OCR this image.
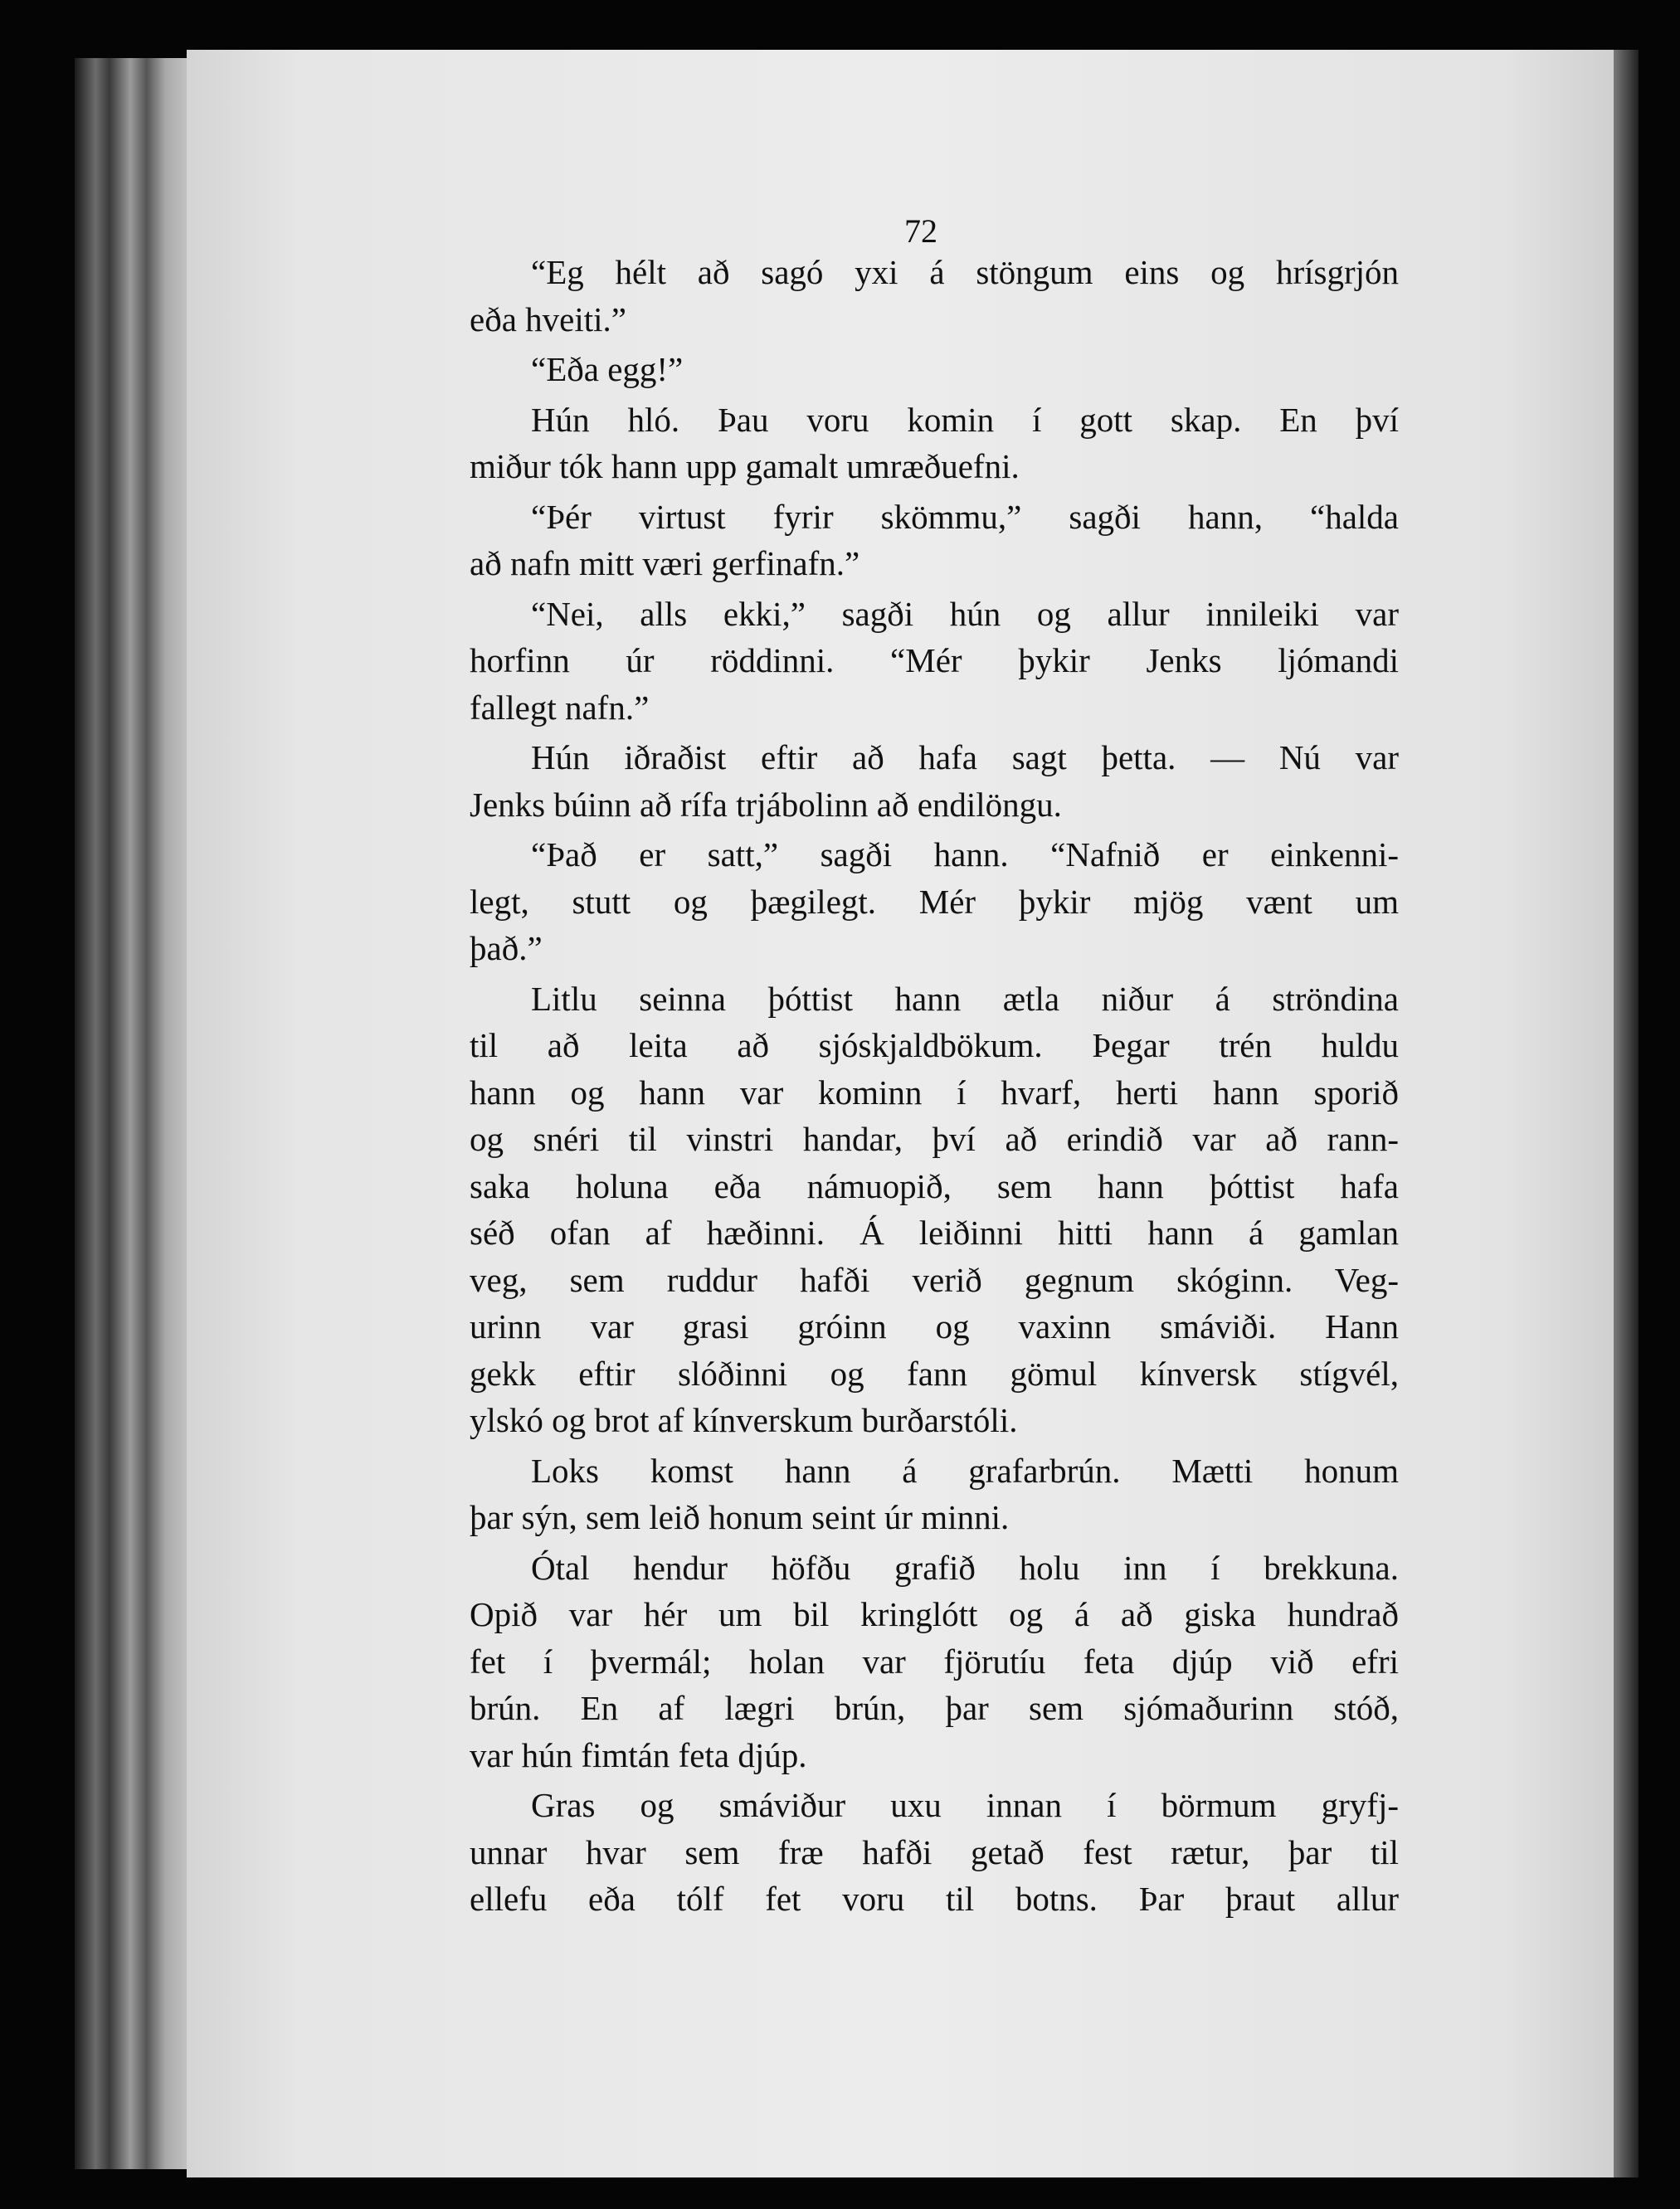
72
“Eg hélt að sagó yxi á stöngum eins og hrísgrjón
eða hveiti.”
“Eða egg!”
Hún hló. Þau voru komin í gott skap. En því
miður tók hann upp gamalt umræðuefni.
“Þér virtust fyrir skömmu,” sagði hann, “halda
að nafn mitt væri gerfinafn.”
“Nei, alls ekki,” sagði hún og allur innileiki var
horfinn úr röddinni. “Mér þykir Jenks ljómandi
fallegt nafn.”
Hún iðraðist eftir að hafa sagt þetta. — Nú var
Jenks búinn að rífa trjábolinn að endilöngu.
“Það er satt,” sagði hann. “Nafnið er einkenni-
legt, stutt og þægilegt. Mér þykir mjög vænt um
það.”
Litlu seinna þóttist hann ætla niður á ströndina
til að leita að sjóskjaldbökum. Þegar trén huldu
hann og hann var kominn í hvarf, herti hann sporið
og snéri til vinstri handar, því að erindið var að rann-
saka holuna eða námuopið, sem hann þóttist hafa
séð ofan af hæðinni. Á leiðinni hitti hann á gamlan
veg, sem ruddur hafði verið gegnum skóginn. Veg-
urinn var grasi gróinn og vaxinn smáviði. Hann
gekk eftir slóðinni og fann gömul kínversk stígvél,
ylskó og brot af kínverskum burðarstóli.
Loks komst hann á grafarbrún. Mætti honum
þar sýn, sem leið honum seint úr minni.
Ótal hendur höfðu grafið holu inn í brekkuna.
Opið var hér um bil kringlótt og á að giska hundrað
fet í þvermál; holan var fjörutíu feta djúp við efri
brún. En af lægri brún, þar sem sjómaðurinn stóð,
var hún fimtán feta djúp.
Gras og smáviður uxu innan í börmum gryfj-
unnar hvar sem fræ hafði getað fest rætur, þar til
ellefu eða tólf fet voru til botns. Þar þraut allur
